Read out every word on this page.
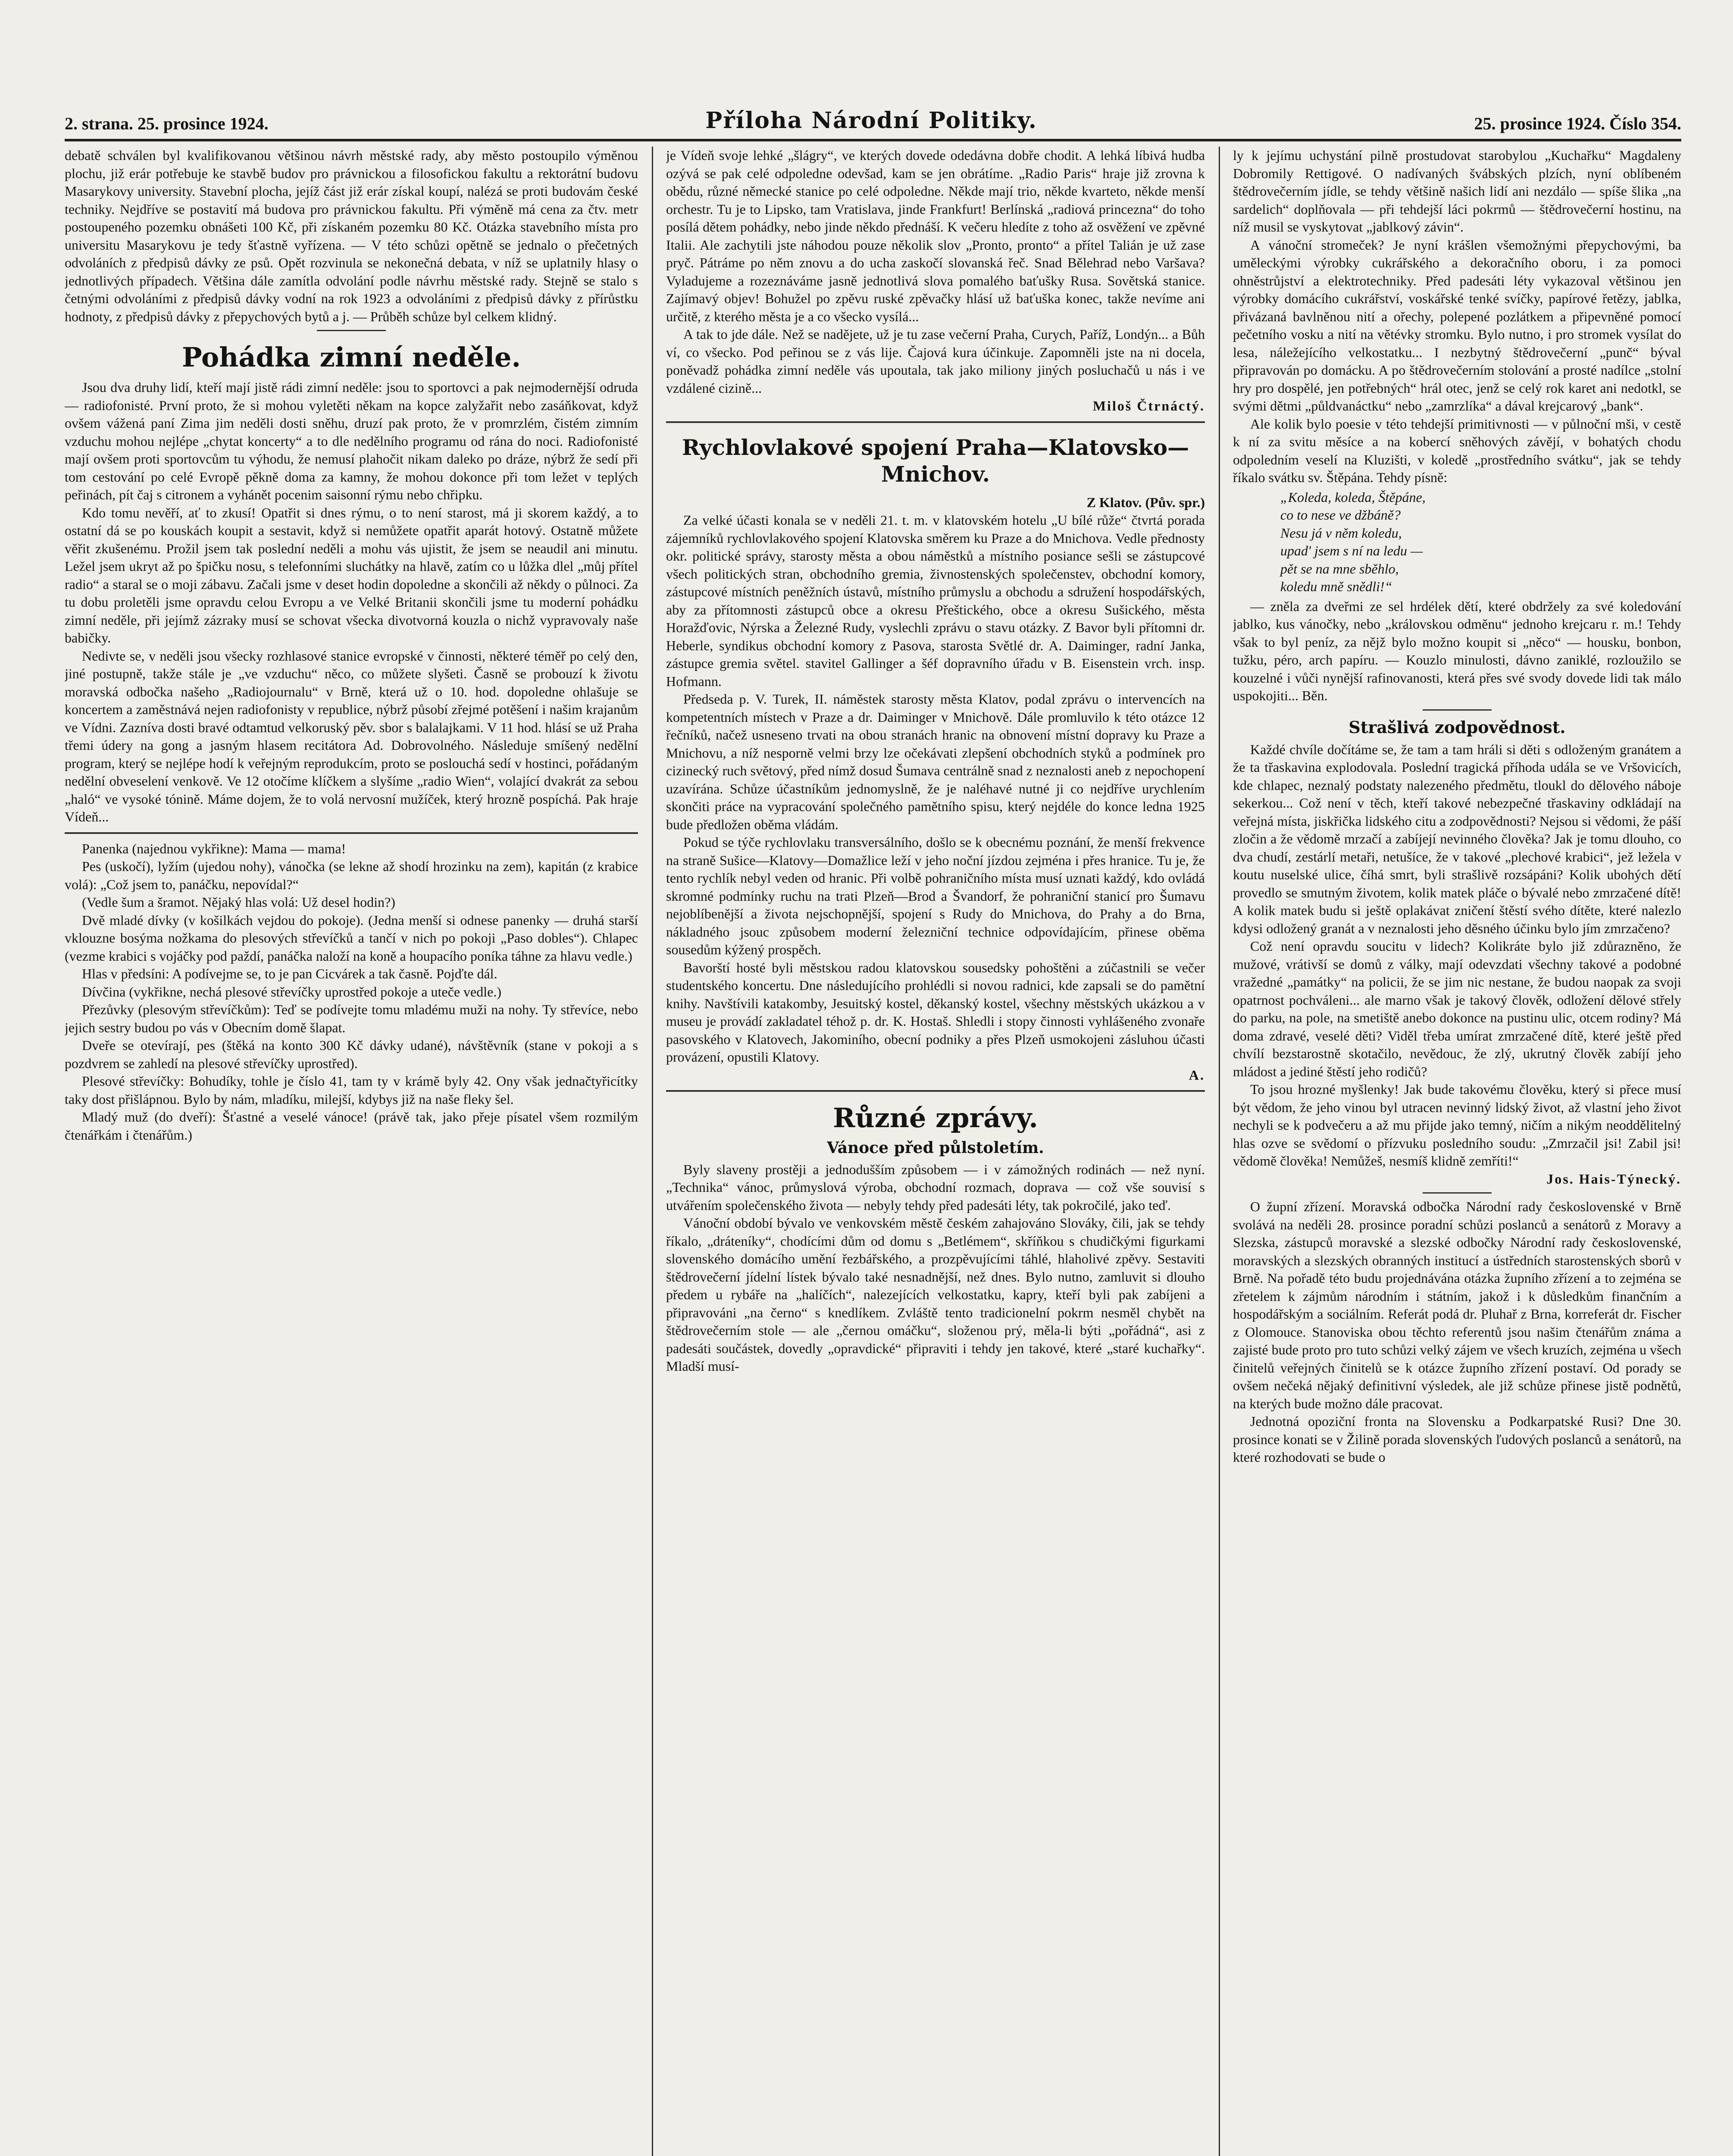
2. strana. 25. prosince 1924.	Příloha Národní Politiky.	25. prosince 1924. Číslo 354.

debatě schválen byl kvalifikovanou většinou návrh městské rady, aby město postoupilo výměnou plochu, již erár potřebuje ke stavbě budov pro právnickou a filosofickou fakultu a rektorátní budovu Masarykovy university. Stavební plocha, jejíž část již erár získal koupí, nalézá se proti budovám české techniky. Nejdříve se postavití má budova pro právnickou fakultu. Při výměně má cena za čtv. metr postoupeného pozemku obnášeti 100 Kč, při získaném pozemku 80 Kč. Otázka stavebního místa pro universitu Masarykovu je tedy šťastně vyřízena. — V této schůzi opětně se jednalo o přečetných odvoláních z předpisů dávky ze psů. Opět rozvinula se nekonečná debata, v níž se uplatnily hlasy o jednotlivých případech. Většina dále zamítla odvolání podle návrhu městské rady. Stejně se stalo s četnými odvoláními z předpisů dávky vodní na rok 1923 a odvoláními z předpisů dávky z přírůstku hodnoty, z předpisů dávky z přepychových bytů a j. — Průběh schůze byl celkem klidný.

Pohádka zimní neděle.

Jsou dva druhy lidí, kteří mají jistě rádi zimní neděle: jsou to sportovci a pak nejmodernější odruda — radiofonisté. První proto, že si mohou vyletěti někam na kopce zalyžařit nebo zasáňkovat, když ovšem vážená paní Zima jim neděli dosti sněhu, druzí pak proto, že v promrzlém, čistém zimním vzduchu mohou nejlépe „chytat koncerty“ a to dle nedělního programu od rána do noci. Radiofonisté mají ovšem proti sportovcům tu výhodu, že nemusí plahočit nikam daleko po dráze, nýbrž že sedí při tom cestování po celé Evropě pěkně doma za kamny, že mohou dokonce při tom ležet v teplých peřinách, pít čaj s citronem a vyhánět pocenim saisonní rýmu nebo chřipku.

Kdo tomu nevěří, ať to zkusí! Opatřit si dnes rýmu, o to není starost, má ji skorem každý, a to ostatní dá se po kouskách koupit a sestavit, když si nemůžete opatřit aparát hotový. Ostatně můžete věřit zkušenému. Prožil jsem tak poslední neděli a mohu vás ujistit, že jsem se neaudil ani minutu. Ležel jsem ukryt až po špičku nosu, s telefonními sluchátky na hlavě, zatím co u lůžka dlel „můj přítel radio“ a staral se o moji zábavu. Začali jsme v deset hodin dopoledne a skončili až někdy o půlnoci. Za tu dobu proletěli jsme opravdu celou Evropu a ve Velké Britanii skončili jsme tu moderní pohádku zimní neděle, při jejímž zázraky musí se schovat všecka divotvorná kouzla o nichž vypravovaly naše babičky.

Nedivte se, v neděli jsou všecky rozhlasové stanice evropské v činnosti, některé téměř po celý den, jiné postupně, takže stále je „ve vzduchu“ něco, co můžete slyšeti. Časně se probouzí k životu moravská odbočka našeho „Radiojournalu“ v Brně, která už o 10. hod. dopoledne ohlašuje se koncertem a zaměstnává nejen radiofonisty v republice, nýbrž působí zřejmé potěšení i našim krajanům ve Vídni. Zazníva dosti bravé odtamtud velkoruský pěv. sbor s balalajkami. V 11 hod. hlásí se už Praha třemi údery na gong a jasným hlasem recitátora Ad. Dobrovolného. Následuje smíšený nedělní program, který se nejlépe hodí k veřejným reprodukcím, proto se poslouchá sedí v hostinci, pořádaným nedělní obveselení venkově. Ve 12 otočíme klíčkem a slyšíme „radio Wien“, volající dvakrát za sebou „haló“ ve vysoké tónině. Máme dojem, že to volá nervosní mužíček, který hrozně pospíchá. Pak hraje Vídeň...

Panenka (najednou vykřikne): Mama — mama!

Pes (uskočí), lyžím (ujedou nohy), vánočka (se lekne až shodí hrozinku na zem), kapitán (z krabice volá): „Což jsem to, panáčku, nepovídal?“

(Vedle šum a šramot. Nějaký hlas volá: Už desel hodin?)

Dvě mladé dívky (v košilkách vejdou do pokoje). (Jedna menší si odnese panenky — druhá starší vklouzne bosýma nožkama do plesových střevíčků a tančí v nich po pokoji „Paso dobles“). Chlapec (vezme krabici s vojáčky pod paždí, panáčka naloží na koně a houpacího poníka táhne za hlavu vedle.)

Hlas v předsíni: A podívejme se, to je pan Cicvárek a tak časně. Pojďte dál.

Dívčina (vykřikne, nechá plesové střevíčky uprostřed pokoje a uteče vedle.)

Přezůvky (plesovým střevíčkům): Teď se podívejte tomu mladému muži na nohy. Ty střevíce, nebo jejich sestry budou po vás v Obecním domě šlapat.

Dveře se otevírají, pes (štěká na konto 300 Kč dávky udané), návštěvník (stane v pokoji a s pozdvrem se zahledí na plesové střevíčky uprostřed).

Plesové střevíčky: Bohudíky, tohle je číslo 41, tam ty v krámě byly 42. Ony však jednačtyřicítky taky dost přišlápnou. Bylo by nám, mladíku, milejší, kdybys již na naše fleky šel.

Mladý muž (do dveří): Šťastné a veselé vánoce! (právě tak, jako přeje písatel všem rozmilým čtenářkám i čtenářům.)

je Vídeň svoje lehké „šlágry“, ve kterých dovede odedávna dobře chodit. A lehká líbivá hudba ozývá se pak celé odpoledne odevšad, kam se jen obrátíme. „Radio Paris“ hraje již zrovna k obědu, různé německé stanice po celé odpoledne. Někde mají trio, někde kvarteto, někde menší orchestr. Tu je to Lipsko, tam Vratislava, jinde Frankfurt! Berlínská „radiová princezna“ do toho posílá dětem pohádky, nebo jinde někdo přednáší. K večeru hledíte z toho až osvěžení ve zpěvné Italii. Ale zachytili jste náhodou pouze několik slov „Pronto, pronto“ a přítel Talián je už zase pryč. Pátráme po něm znovu a do ucha zaskočí slovanská řeč. Snad Bělehrad nebo Varšava? Vyladujeme a rozeznáváme jasně jednotlivá slova pomalého baťušky Rusa. Sovětská stanice. Zajímavý objev! Bohužel po zpěvu ruské zpěvačky hlásí už baťuška konec, takže nevíme ani určitě, z kterého města je a co všecko vysílá...

A tak to jde dále. Než se nadějete, už je tu zase večerní Praha, Curych, Paříž, Londýn... a Bůh ví, co všecko. Pod peřinou se z vás lije. Čajová kura účinkuje. Zapomněli jste na ni docela, poněvadž pohádka zimní neděle vás upoutala, tak jako miliony jiných posluchačů u nás i ve vzdálené cizině...

Miloš Čtrnáctý.
Rychlovlakové spojení Praha—Klatovsko—Mnichov.
Z Klatov. (Pův. spr.)

Za velké účasti konala se v neděli 21. t. m. v klatovském hotelu „U bílé růže“ čtvrtá porada zájemníků rychlovlakového spojení Klatovska směrem ku Praze a do Mnichova. Vedle přednosty okr. politické správy, starosty města a obou náměstků a místního posiance sešli se zástupcové všech politických stran, obchodního gremia, živnostenských společenstev, obchodní komory, zástupcové místních peněžních ústavů, místního průmyslu a obchodu a sdružení hospodářských, aby za přítomnosti zástupců obce a okresu Přeštického, obce a okresu Sušického, města Horažďovic, Nýrska a Železné Rudy, vyslechli zprávu o stavu otázky. Z Bavor byli přítomni dr. Heberle, syndikus obchodní komory z Pasova, starosta Světlé dr. A. Daiminger, radní Janka, zástupce gremia světel. stavitel Gallinger a šéf dopravního úřadu v B. Eisenstein vrch. insp. Hofmann.

Předseda p. V. Turek, II. náměstek starosty města Klatov, podal zprávu o intervencích na kompetentních místech v Praze a dr. Daiminger v Mnichově. Dále promluvilo k této otázce 12 řečníků, načež usneseno trvati na obou stranách hranic na obnovení místní dopravy ku Praze a Mnichovu, a níž nesporně velmi brzy lze očekávati zlepšení obchodních styků a podmínek pro cizinecký ruch světový, před nímž dosud Šumava centrálně snad z neznalosti aneb z nepochopení uzavírána. Schůze účastníkům jednomyslně, že je naléhavé nutné ji co nejdříve urychlením skončiti práce na vypracování společného pamětního spisu, který nejdéle do konce ledna 1925 bude předložen oběma vládám.

Pokud se týče rychlovlaku transversálního, došlo se k obecnému poznání, že menší frekvence na straně Sušice—Klatovy—Domažlice leží v jeho noční jízdou zejména i přes hranice. Tu je, že tento rychlík nebyl veden od hranic. Při volbě pohraničního místa musí uznati každý, kdo ovládá skromné podmínky ruchu na trati Plzeň—Brod a Švandorf, že pohraniční stanicí pro Šumavu nejoblíbenější a života nejschopnější, spojení s Rudy do Mnichova, do Prahy a do Brna, nákladného jsouc způsobem moderní železniční technice odpovídajícím, přinese oběma sousedům kýžený prospěch.

Bavorští hosté byli městskou radou klatovskou sousedsky pohoštěni a zúčastnili se večer studentského koncertu. Dne následujícího prohlédli si novou radnici, kde zapsali se do pamětní knihy. Navštívili katakomby, Jesuitský kostel, děkanský kostel, všechny městských ukázkou a v museu je provádí zakladatel téhož p. dr. K. Hostaš. Shledli i stopy činnosti vyhlášeného zvonaře pasovského v Klatovech, Jakominího, obecní podniky a přes Plzeň usmokojeni zásluhou účasti provázení, opustili Klatovy.

A.
Různé zprávy.
Vánoce před půlstoletím.

Byly slaveny prostěji a jednodušším způsobem — i v zámožných rodinách — než nyní. „Technika“ vánoc, průmyslová výroba, obchodní rozmach, doprava — což vše souvisí s utvářením společenského života — nebyly tehdy před padesáti léty, tak pokročilé, jako teď.

Vánoční období bývalo ve venkovském městě českém zahajováno Slováky, čili, jak se tehdy říkalo, „dráteníky“, chodícími dům od domu s „Betlémem“, skříňkou s chudičkými figurkami slovenského domácího umění řezbářského, a prozpěvujícími táhlé, hlaholivé zpěvy. Sestaviti štědrovečerní jídelní lístek bývalo také nesnadnější, než dnes. Bylo nutno, zamluvit si dlouho předem u rybáře na „halíčích“, nalezejících velkostatku, kapry, kteří byli pak zabíjeni a připravováni „na černo“ s knedlíkem. Zvláště tento tradicionelní pokrm nesměl chybět na štědrovečerním stole — ale „černou omáčku“, složenou prý, měla-li býti „pořádná“, asi z padesáti součástek, dovedly „opravdické“ připraviti i tehdy jen takové, které „staré kuchařky“. Mladší musí-

ly k jejímu uchystání pilně prostudovat starobylou „Kuchařku“ Magdaleny Dobromily Rettigové. O nadívaných švábských plzích, nyní oblíbeném štědrovečerním jídle, se tehdy většině našich lidí ani nezdálo — spíše šlika „na sardelich“ doplňovala — při tehdejší láci pokrmů — štědrovečerní hostinu, na níž musil se vyskytovat „jablkový závin“.

A vánoční stromeček? Je nyní krášlen všemožnými přepychovými, ba uměleckými výrobky cukrářského a dekoračního oboru, i za pomoci ohněstrůjství a elektrotechniky. Před padesáti léty vykazoval většinou jen výrobky domácího cukrářství, voskářské tenké svíčky, papírové řetězy, jablka, přivázaná bavlněnou nití a ořechy, polepené pozlátkem a připevněné pomocí pečetního vosku a nití na větévky stromku. Bylo nutno, i pro stromek vysílat do lesa, náležejícího velkostatku... I nezbytný štědrovečerní „punč“ býval připravován po domácku. A po štědrovečerním stolování a prosté nadílce „stolní hry pro dospělé, jen potřebných“ hrál otec, jenž se celý rok karet ani nedotkl, se svými dětmi „půldvanáctku“ nebo „zamrzlíka“ a dával krejcarový „bank“.

Ale kolik bylo poesie v této tehdejší primitivnosti — v půlnoční mši, v cestě k ní za svitu měsíce a na kobercí sněhových závějí, v bohatých chodu odpoledním veselí na Kluzišti, v koledě „prostředního svátku“, jak se tehdy říkalo svátku sv. Štěpána. Tehdy písně:

„Koleda, koleda, Štěpáne,
co to nese ve džbáně?
Nesu já v něm koledu,
upad' jsem s ní na ledu —
pět se na mne sběhlo,
koledu mně snědli!“

— zněla za dveřmi ze sel hrdélek dětí, které obdržely za své koledování jablko, kus vánočky, nebo „královskou odměnu“ jednoho krejcaru r. m.! Tehdy však to byl peníz, za nějž bylo možno koupit si „něco“ — housku, bonbon, tužku, péro, arch papíru. — Kouzlo minulosti, dávno zaniklé, rozloužilo se kouzelné i vůči nynější rafinovanosti, která přes své svody dovede lidi tak málo uspokojiti... Běn.

Strašlivá zodpovědnost.

Každé chvíle dočítáme se, že tam a tam hráli si děti s odloženým granátem a že ta třaskavina explodovala. Poslední tragická příhoda udála se ve Vršovicích, kde chlapec, neznalý podstaty nalezeného předmětu, tloukl do dělového náboje sekerkou... Což není v těch, kteří takové nebezpečné třaskaviny odkládají na veřejná místa, jiskřička lidského citu a zodpovědnosti? Nejsou si vědomi, že páší zločin a že vědomě mrzačí a zabíjejí nevinného člověka? Jak je tomu dlouho, co dva chudí, zestárlí metaři, netušíce, že v takové „plechové krabici“, jež ležela v koutu nuselské ulice, číhá smrt, byli strašlivě rozsápáni? Kolik ubohých dětí provedlo se smutným životem, kolik matek pláče o bývalé nebo zmrzačené dítě! A kolik matek budu si ještě oplakávat zničení štěstí svého dítěte, které nalezlo kdysi odložený granát a v neznalosti jeho děsného účinku bylo jím zmrzačeno?

Což není opravdu soucitu v lidech? Kolikráte bylo již zdůrazněno, že mužové, vrátivší se domů z války, mají odevzdati všechny takové a podobné vražedné „památky“ na policii, že se jim nic nestane, že budou naopak za svoji opatrnost pochváleni... ale marno však je takový člověk, odložení dělové střely do parku, na pole, na smetiště anebo dokonce na pustinu ulic, otcem rodiny? Má doma zdravé, veselé děti? Viděl třeba umírat zmrzačené dítě, které ještě před chvílí bezstarostně skotačilo, nevědouc, že zlý, ukrutný člověk zabíjí jeho mládost a jediné štěstí jeho rodičů?

To jsou hrozné myšlenky! Jak bude takovému člověku, který si přece musí být vědom, že jeho vinou byl utracen nevinný lidský život, až vlastní jeho život nechyli se k podvečeru a až mu přijde jako temný, ničím a nikým neoddělitelný hlas ozve se svědomí o přízvuku posledního soudu: „Zmrzačil jsi! Zabil jsi! vědomě člověka! Nemůžeš, nesmíš klidně zemříti!“

Jos. Hais-Týnecký.

O župní zřízení. Moravská odbočka Národní rady československé v Brně svolává na neděli 28. prosince poradní schůzi poslanců a senátorů z Moravy a Slezska, zástupců moravské a slezské odbočky Národní rady československé, moravských a slezských obranných institucí a ústředních starostenských sborů v Brně. Na pořadě této budu projednávána otázka župního zřízení a to zejména se zřetelem k zájmům národním i státním, jakož i k důsledkům finančním a hospodářským a sociálním. Referát podá dr. Pluhař z Brna, korreferát dr. Fischer z Olomouce. Stanoviska obou těchto referentů jsou našim čtenářům známa a zajisté bude proto pro tuto schůzi velký zájem ve všech kruzích, zejména u všech činitelů veřejných činitelů se k otázce župního zřízení postaví. Od porady se ovšem nečeká nějaký definitivní výsledek, ale již schůze přinese jistě podnětů, na kterých bude možno dále pracovat.

Jednotná opoziční fronta na Slovensku a Podkarpatské Rusi? Dne 30. prosince konati se v Žilině porada slovenských ľudových poslanců a senátorů, na které rozhodovati se bude o
